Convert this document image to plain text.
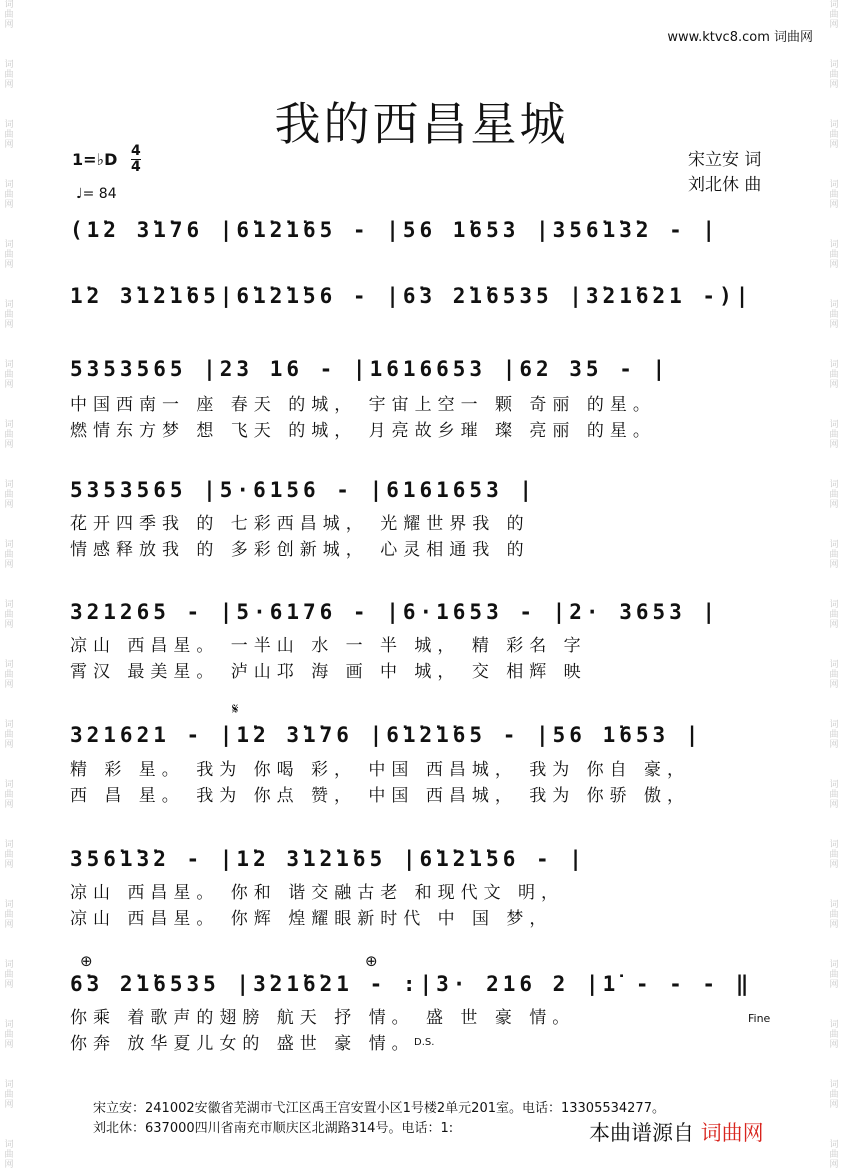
词曲网
词曲网
词曲网
词曲网
词曲网
词曲网
词曲网
词曲网
词曲网
词曲网
词曲网
词曲网
词曲网
词曲网
词曲网
词曲网
词曲网
词曲网
词曲网
词曲网
词曲网
词曲网
词曲网
词曲网
词曲网
词曲网
词曲网
词曲网
词曲网
词曲网
词曲网
词曲网
词曲网
词曲网
词曲网
词曲网
词曲网
词曲网
词曲网
词曲网
www.ktvc8.com 词曲网
我的西昌星城
1=♭D 4
4
♩= 84
宋立安 词
刘北休 曲
(1̇2 3̇1̇76 |6̇1̇2̇1̇65 - |56 1̇653 |356̇1̇3̇2 - |
1̇2 3̇1̇2̇1̇65|6̇1̇2̇1̇56 - |6̇3 2̇1̇6535 |3̇21̇6̇21 -)|
5353565 |23 16 - |1616653 |62 35 - |
中国西南一 座 春天 的城， 宇宙上空一 颗 奇丽 的星。
燃情东方梦 想 飞天 的城， 月亮故乡璀 璨 亮丽 的星。
5353565 |5·6156 - |6161653 |
花开四季我 的 七彩西昌城， 光耀世界我 的
情感释放我 的 多彩创新城， 心灵相通我 的
321265 - |5·6176 - |6·1653 - |2· 3653 |
凉山 西昌星。 一半山 水 一 半 城， 精 彩名 字
霄汉 最美星。 泸山邛 海 画 中 城， 交 相辉 映
𝄋
321621 - |1̇2 3̇1̇76 |6̇1̇2̇1̇65 - |56 1̇653 |
精 彩 星。 我为 你喝 彩， 中国 西昌城， 我为 你自 豪，
西 昌 星。 我为 你点 赞， 中国 西昌城， 我为 你骄 傲，
356̇1̇3̇2 - |1̇2 3̇1̇2̇1̇65 |6̇1̇2̇1̇56 - |
凉山 西昌星。 你和 谐交融古老 和现代文 明，
凉山 西昌星。 你辉 煌耀眼新时代 中 国 梦，
⊕	⊕
6̇3 2̇1̇6535 |3̇21̇6̇21 - :|3· 216 2 |1̇ - - - ‖
Fine
你乘 着歌声的翅膀 航天 抒 情。 盛 世 豪 情。
你奔 放华夏儿女的 盛世 豪 情。 D.S.
宋立安：241002安徽省芜湖市弋江区禹王宫安置小区1号楼2单元201室。电话：13305534277。
刘北休：637000四川省南充市顺庆区北湖路314号。电话：1:	本曲谱源自 词曲网
